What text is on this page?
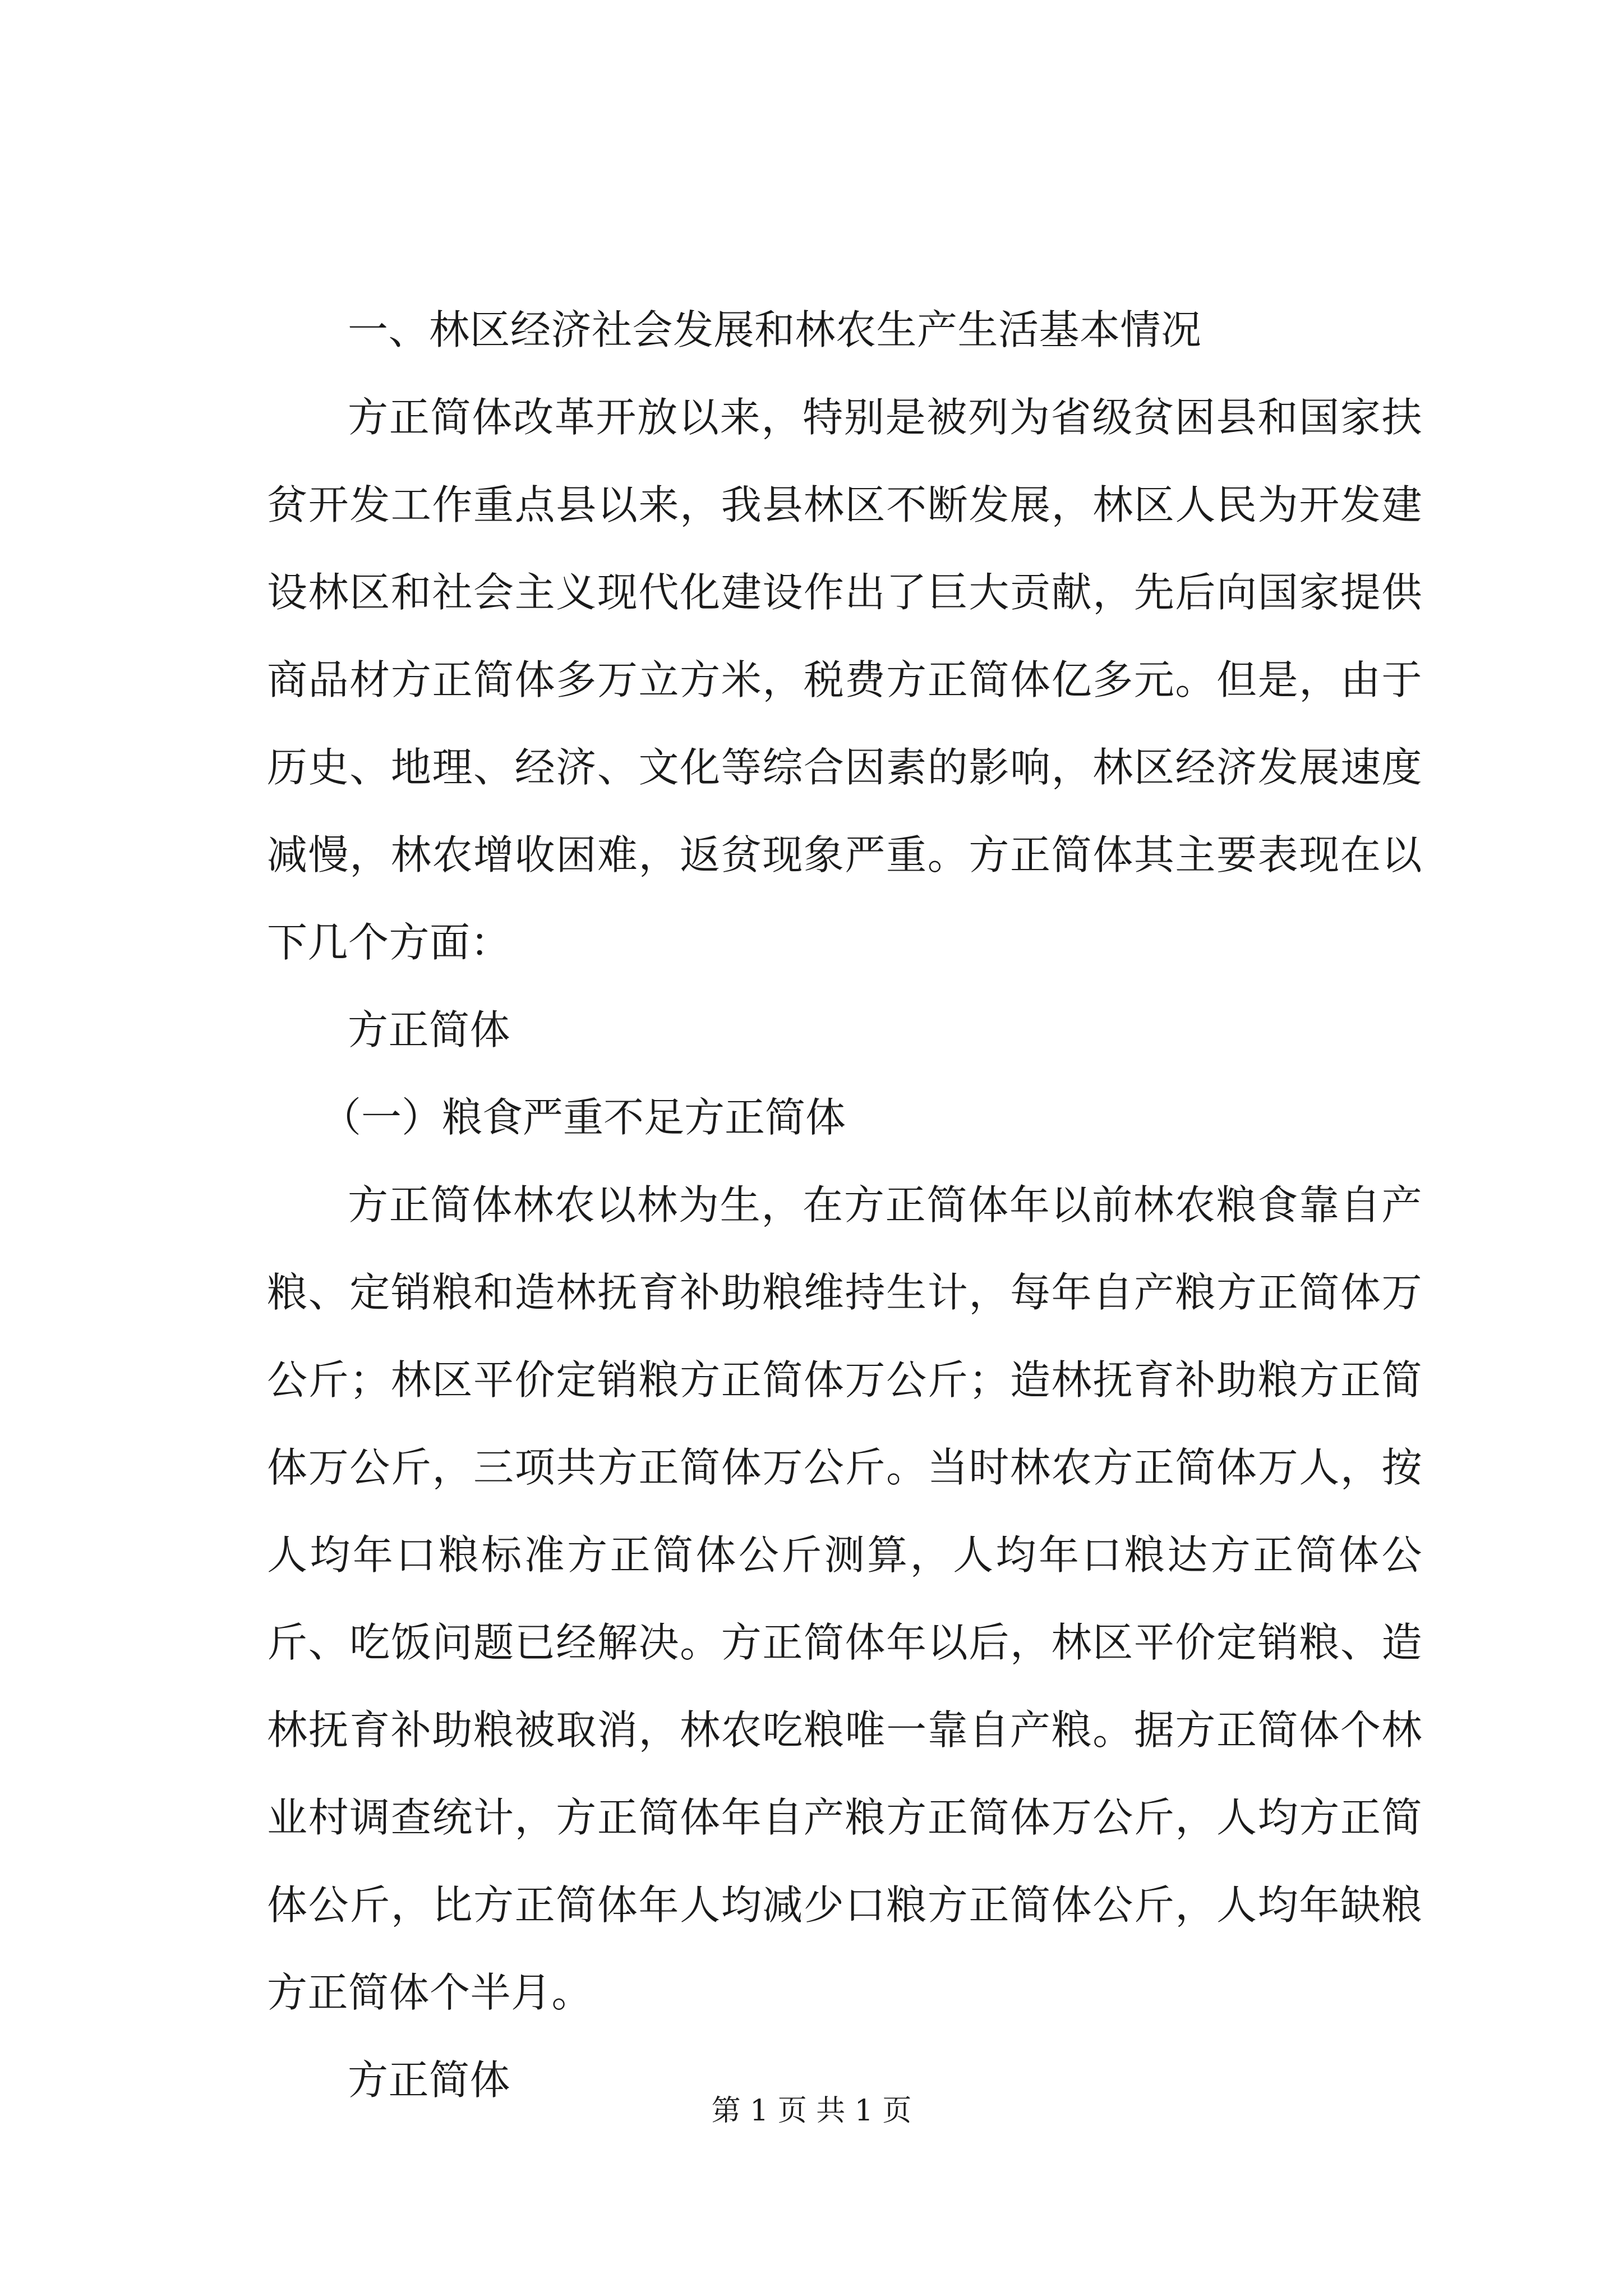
一、林区经济社会发展和林农生产生活基本情况

方正简体改革开放以来，特别是被列为省级贫困县和国家扶贫开发工作重点县以来，我县林区不断发展，林区人民为开发建设林区和社会主义现代化建设作出了巨大贡献，先后向国家提供商品材方正简体多万立方米，税费方正简体亿多元。但是，由于历史、地理、经济、文化等综合因素的影响，林区经济发展速度减慢，林农增收困难，返贫现象严重。方正简体其主要表现在以下几个方面：

方正简体

（一）粮食严重不足方正简体

方正简体林农以林为生，在方正简体年以前林农粮食靠自产粮、定销粮和造林抚育补助粮维持生计，每年自产粮方正简体万公斤；林区平价定销粮方正简体万公斤；造林抚育补助粮方正简体万公斤，三项共方正简体万公斤。当时林农方正简体万人，按人均年口粮标准方正简体公斤测算，人均年口粮达方正简体公斤、吃饭问题已经解决。方正简体年以后，林区平价定销粮、造林抚育补助粮被取消，林农吃粮唯一靠自产粮。据方正简体个林业村调查统计，方正简体年自产粮方正简体万公斤，人均方正简体公斤，比方正简体年人均减少口粮方正简体公斤，人均年缺粮方正简体个半月。

方正简体

第 1 页 共 1 页
